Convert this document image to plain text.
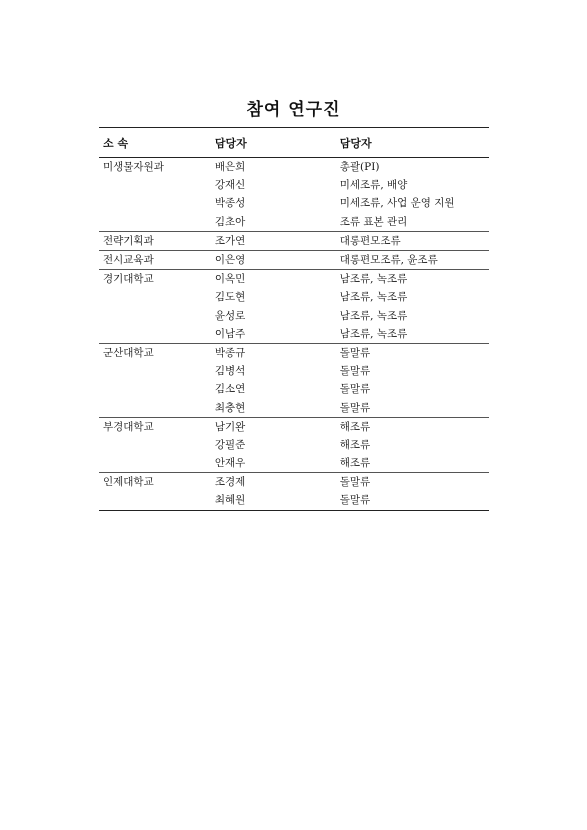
참여 연구진
소 속	담당자	담당자
미생물자원과	배은희	총괄(PI)
	강재신	미세조류, 배양
	박종성	미세조류, 사업 운영 지원
	김초아	조류 표본 관리
전략기획과	조가연	대롱편모조류
전시교육과	이은영	대롱편모조류, 윤조류
경기대학교	이옥민	남조류, 녹조류
	김도현	남조류, 녹조류
	윤성로	남조류, 녹조류
	이남주	남조류, 녹조류
군산대학교	박종규	돌말류
	김병석	돌말류
	김소연	돌말류
	최충현	돌말류
부경대학교	남기완	해조류
	강필준	해조류
	안재우	해조류
인제대학교	조경제	돌말류
	최혜원	돌말류
